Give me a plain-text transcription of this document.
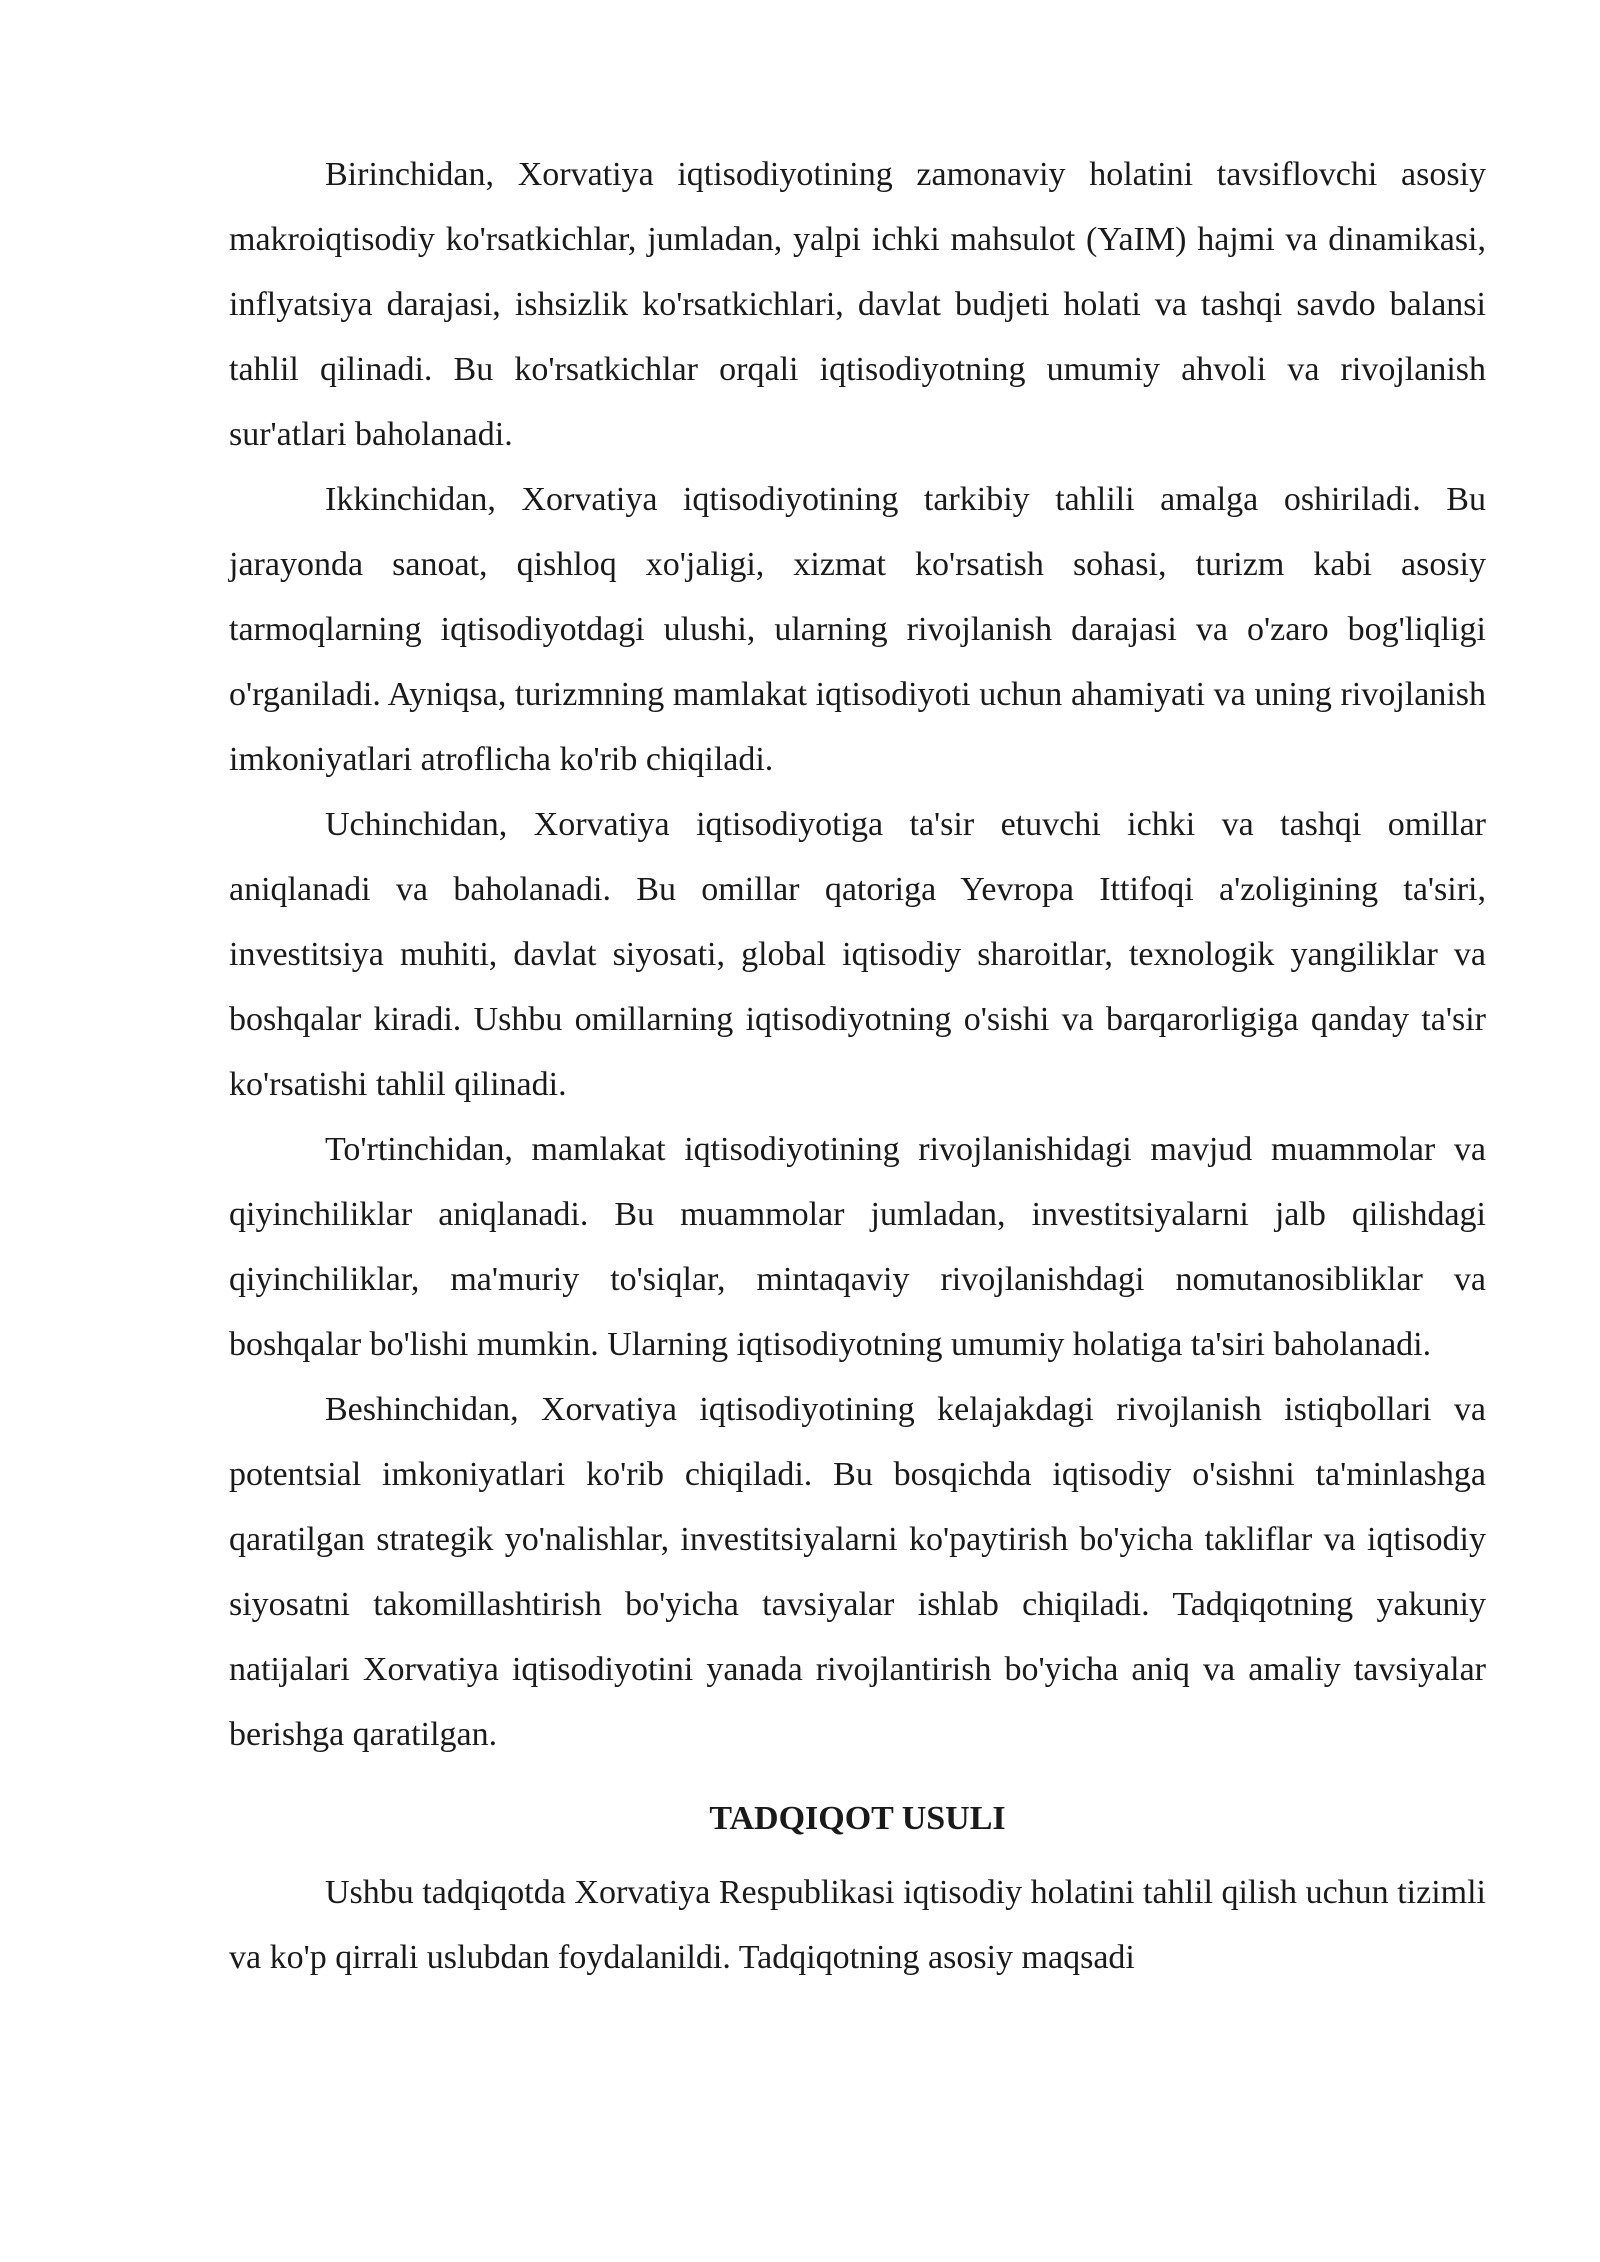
Birinchidan, Xorvatiya iqtisodiyotining zamonaviy holatini tavsiflovchi asosiy makroiqtisodiy ko'rsatkichlar, jumladan, yalpi ichki mahsulot (YaIM) hajmi va dinamikasi, inflyatsiya darajasi, ishsizlik ko'rsatkichlari, davlat budjeti holati va tashqi savdo balansi tahlil qilinadi. Bu ko'rsatkichlar orqali iqtisodiyotning umumiy ahvoli va rivojlanish sur'atlari baholanadi.

Ikkinchidan, Xorvatiya iqtisodiyotining tarkibiy tahlili amalga oshiriladi. Bu jarayonda sanoat, qishloq xo'jaligi, xizmat ko'rsatish sohasi, turizm kabi asosiy tarmoqlarning iqtisodiyotdagi ulushi, ularning rivojlanish darajasi va o'zaro bog'liqligi o'rganiladi. Ayniqsa, turizmning mamlakat iqtisodiyoti uchun ahamiyati va uning rivojlanish imkoniyatlari atroflicha ko'rib chiqiladi.

Uchinchidan, Xorvatiya iqtisodiyotiga ta'sir etuvchi ichki va tashqi omillar aniqlanadi va baholanadi. Bu omillar qatoriga Yevropa Ittifoqi a'zoligining ta'siri, investitsiya muhiti, davlat siyosati, global iqtisodiy sharoitlar, texnologik yangiliklar va boshqalar kiradi. Ushbu omillarning iqtisodiyotning o'sishi va barqarorligiga qanday ta'sir ko'rsatishi tahlil qilinadi.

To'rtinchidan, mamlakat iqtisodiyotining rivojlanishidagi mavjud muammolar va qiyinchiliklar aniqlanadi. Bu muammolar jumladan, investitsiyalarni jalb qilishdagi qiyinchiliklar, ma'muriy to'siqlar, mintaqaviy rivojlanishdagi nomutanosibliklar va boshqalar bo'lishi mumkin. Ularning iqtisodiyotning umumiy holatiga ta'siri baholanadi.

Beshinchidan, Xorvatiya iqtisodiyotining kelajakdagi rivojlanish istiqbollari va potentsial imkoniyatlari ko'rib chiqiladi. Bu bosqichda iqtisodiy o'sishni ta'minlashga qaratilgan strategik yo'nalishlar, investitsiyalarni ko'paytirish bo'yicha takliflar va iqtisodiy siyosatni takomillashtirish bo'yicha tavsiyalar ishlab chiqiladi. Tadqiqotning yakuniy natijalari Xorvatiya iqtisodiyotini yanada rivojlantirish bo'yicha aniq va amaliy tavsiyalar berishga qaratilgan.

TADQIQOT USULI

Ushbu tadqiqotda Xorvatiya Respublikasi iqtisodiy holatini tahlil qilish uchun tizimli va ko'p qirrali uslubdan foydalanildi. Tadqiqotning asosiy maqsadi
